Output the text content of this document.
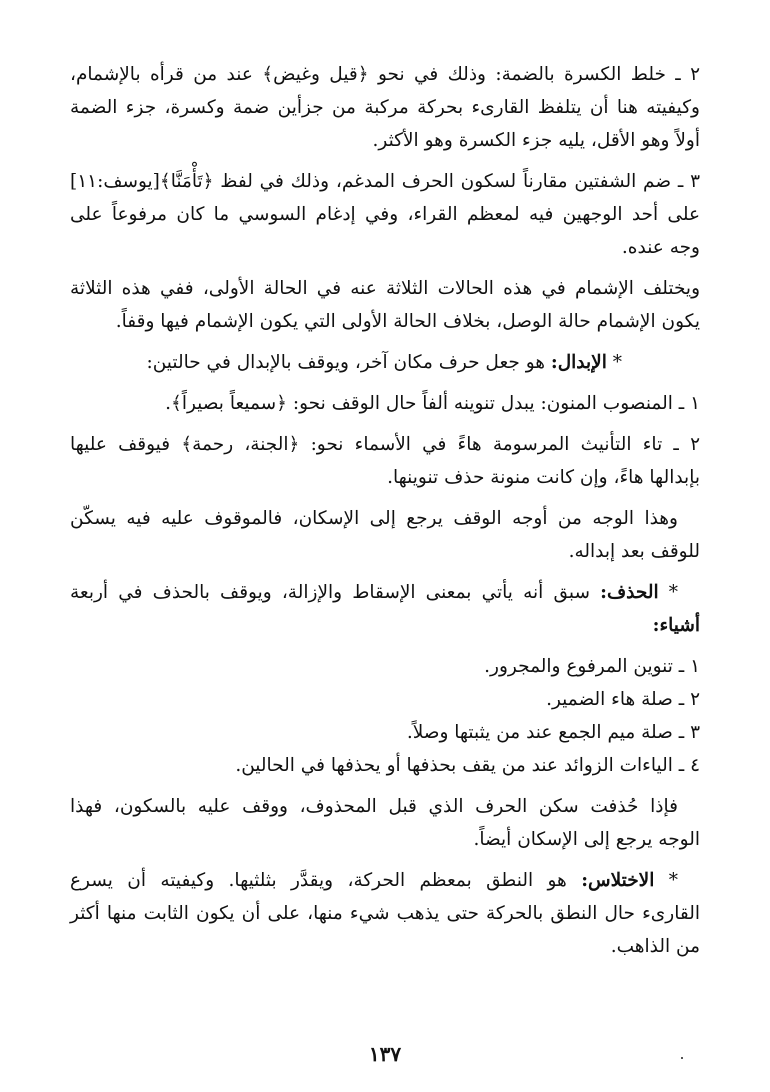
٢ ـ خلط الكسرة بالضمة: وذلك في نحو ﴿قيل وغيض﴾ عند من قرأه بالإشمام،
وكيفيته هنا أن يتلفظ القارىء بحركة مركبة من جزأين ضمة وكسرة، جزء الضمة
أولاً وهو الأقل، يليه جزء الكسرة وهو الأكثر.
٣ ـ ضم الشفتين مقارناً لسكون الحرف المدغم، وذلك في لفظ ﴿تَأْمَنَّا﴾[يوسف:١١]
على أحد الوجهين فيه لمعظم القراء، وفي إدغام السوسي ما كان مرفوعاً على
وجه عنده.
ويختلف الإشمام في هذه الحالات الثلاثة عنه في الحالة الأولى، ففي هذه الثلاثة
يكون الإشمام حالة الوصل، بخلاف الحالة الأولى التي يكون الإشمام فيها وقفاً.
* الإبدال: هو جعل حرف مكان آخر، ويوقف بالإبدال في حالتين:
١ ـ المنصوب المنون: يبدل تنوينه ألفاً حال الوقف نحو: ﴿سميعاً بصيراً﴾.
٢ ـ تاء التأنيث المرسومة هاءً في الأسماء نحو: ﴿الجنة، رحمة﴾ فيوقف عليها
بإبدالها هاءً، وإن كانت منونة حذف تنوينها.
وهذا الوجه من أوجه الوقف يرجع إلى الإسكان، فالموقوف عليه فيه يسكّن
للوقف بعد إبداله.
* الحذف: سبق أنه يأتي بمعنى الإسقاط والإزالة، ويوقف بالحذف في أربعة
أشياء:
١ ـ تنوين المرفوع والمجرور.
٢ ـ صلة هاء الضمير.
٣ ـ صلة ميم الجمع عند من يثبتها وصلاً.
٤ ـ الياءات الزوائد عند من يقف بحذفها أو يحذفها في الحالين.
فإذا حُذفت سكن الحرف الذي قبل المحذوف، ووقف عليه بالسكون، فهذا
الوجه يرجع إلى الإسكان أيضاً.
* الاختلاس: هو النطق بمعظم الحركة، ويقدَّر بثلثيها. وكيفيته أن يسرع
القارىء حال النطق بالحركة حتى يذهب شيء منها، على أن يكون الثابت منها أكثر
من الذاهب.
١٣٧
